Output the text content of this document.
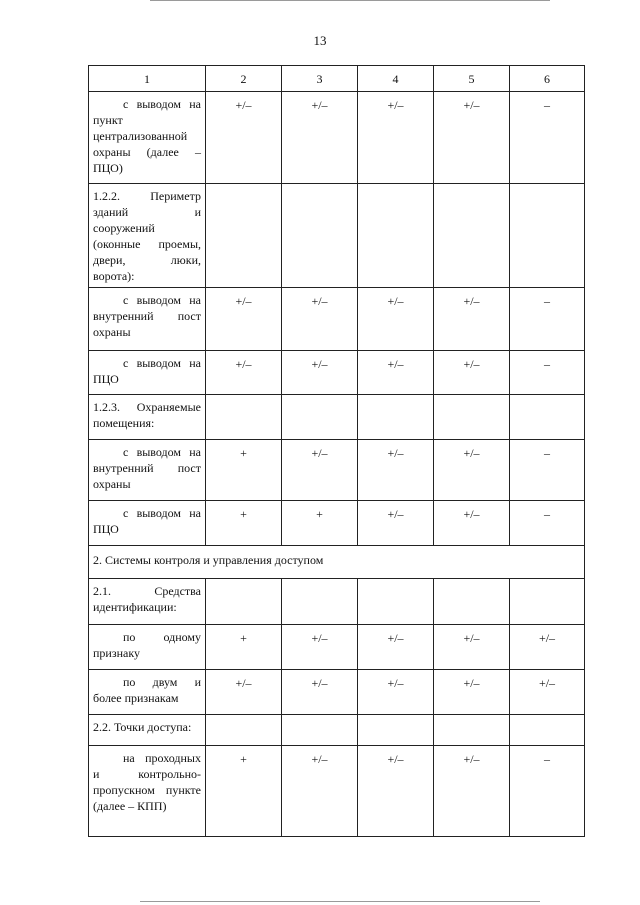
13
1	2	3	4	5	6
с выводом на пункт централизованной охраны (далее – ПЦО)	+/–	+/–	+/–	+/–	–
1.2.2. Периметр зданий и сооружений (оконные проемы, двери, люки, ворота):					
с выводом на внутренний пост охраны	+/–	+/–	+/–	+/–	–
с выводом на ПЦО	+/–	+/–	+/–	+/–	–
1.2.3. Охраняемые помещения:					
с выводом на внутренний пост охраны	+	+/–	+/–	+/–	–
с выводом на ПЦО	+	+	+/–	+/–	–
2. Системы контроля и управления доступом					
2.1. Средства идентификации:					
по одному признаку	+	+/–	+/–	+/–	+/–
по двум и более признакам	+/–	+/–	+/–	+/–	+/–
2.2. Точки доступа:					
на проходных и контрольно-пропускном пункте (далее – КПП)	+	+/–	+/–	+/–	–
